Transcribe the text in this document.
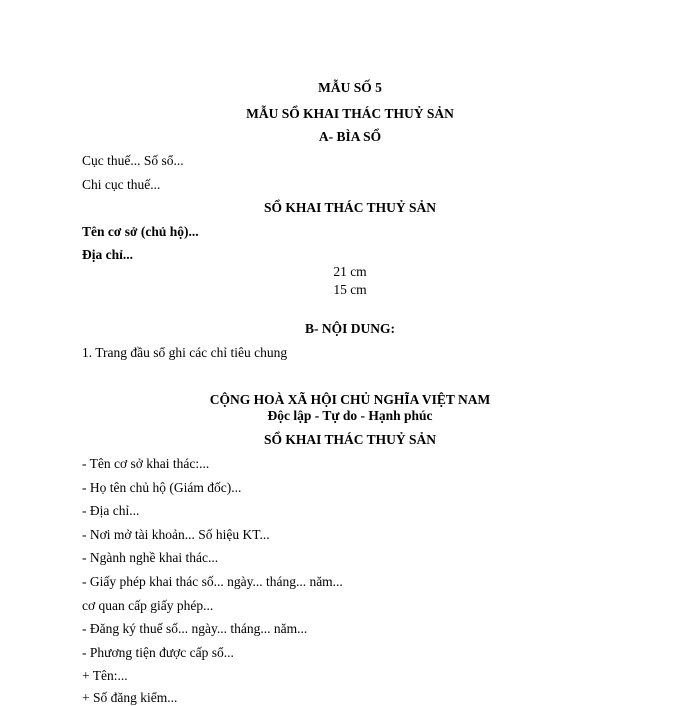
MẪU SỐ 5
MẪU SỔ KHAI THÁC THUỶ SẢN
A- BÌA SỔ
Cục thuế... Số sổ...
Chi cục thuế...
SỔ KHAI THÁC THUỶ SẢN
Tên cơ sở (chủ hộ)...
Địa chỉ...
21 cm
15 cm
B- NỘI DUNG:
1. Trang đầu sổ ghi các chỉ tiêu chung
CỘNG HOÀ XÃ HỘI CHỦ NGHĨA VIỆT NAM
Độc lập - Tự do - Hạnh phúc
SỔ KHAI THÁC THUỶ SẢN
- Tên cơ sở khai thác:...
- Họ tên chủ hộ (Giám đốc)...
- Địa chỉ...
- Nơi mở tài khoản... Số hiệu KT...
- Ngành nghề khai thác...
- Giấy phép khai thác số... ngày... tháng... năm...
cơ quan cấp giấy phép...
- Đăng ký thuế số... ngày... tháng... năm...
- Phương tiện được cấp sổ...
+ Tên:...
+ Số đăng kiểm...
